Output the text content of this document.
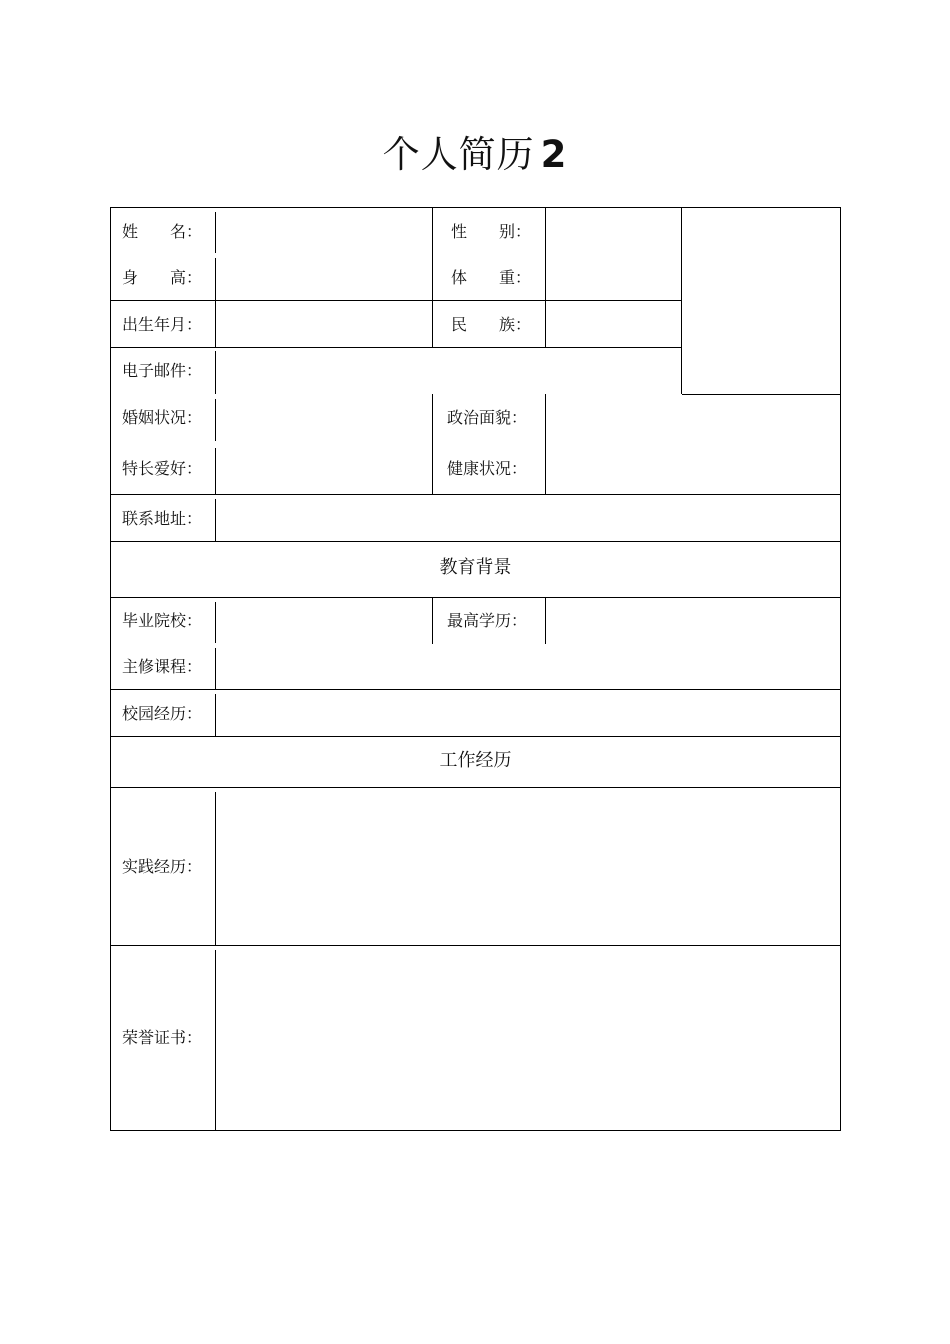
个人简历 2
姓　　名：	性　　别：
身　　高：	体　　重：
出生年月：	民　　族：
电子邮件：
婚姻状况：	政治面貌：
特长爱好：	健康状况：
联系地址：
教育背景
毕业院校：	最高学历：
主修课程：
校园经历：
工作经历
实践经历：
荣誉证书：
